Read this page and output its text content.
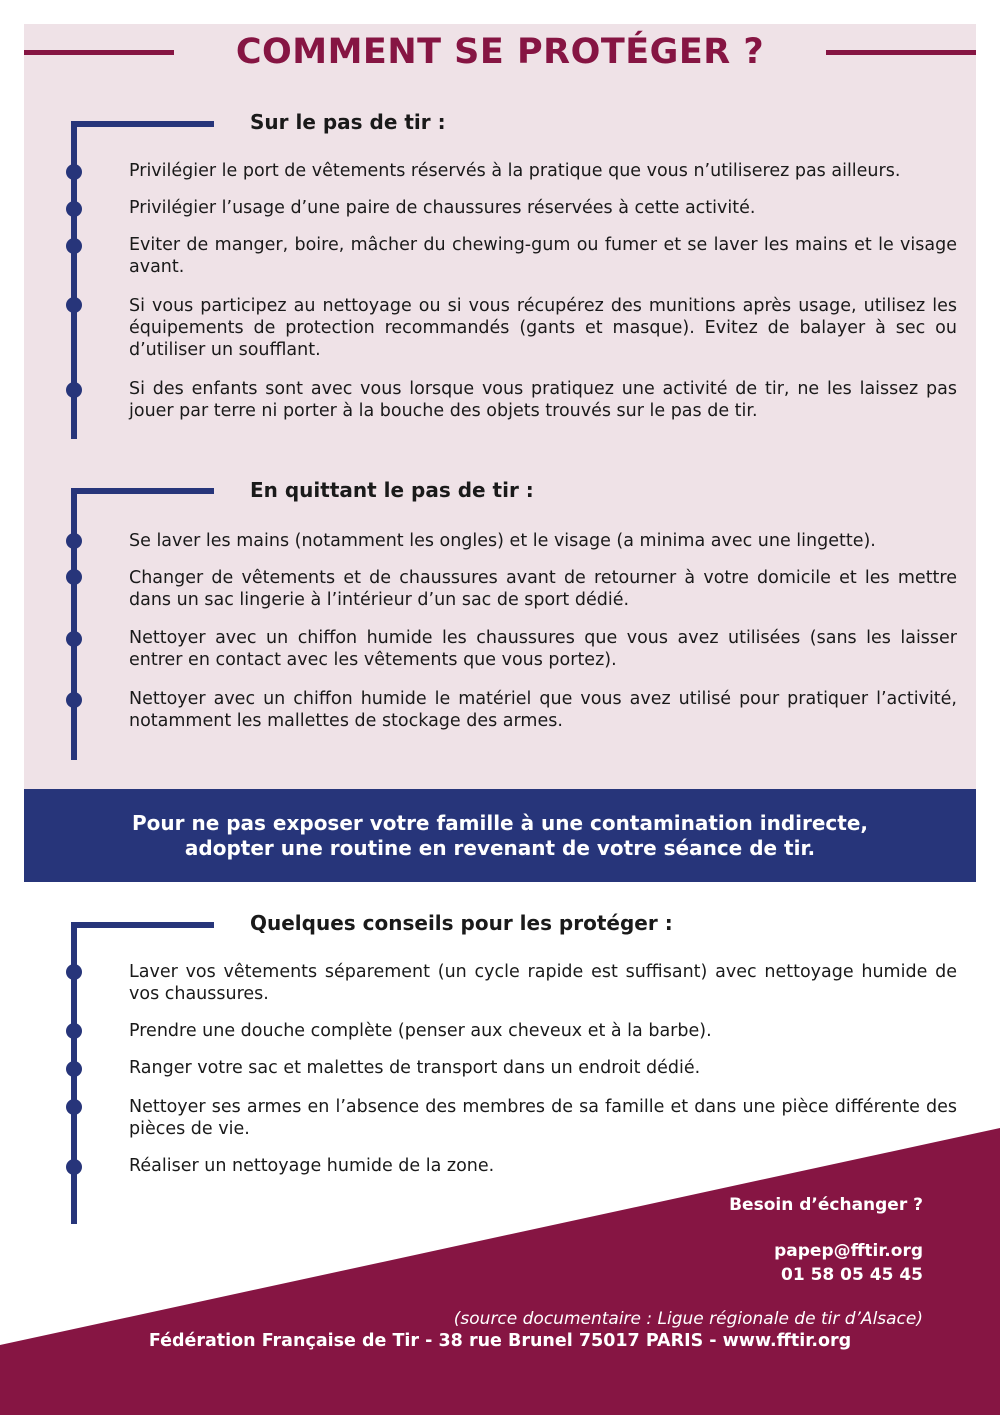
COMMENT SE PROTÉGER ?
Sur le pas de tir :
Privilégier le port de vêtements réservés à la pratique que vous n’utiliserez pas ailleurs.
Privilégier l’usage d’une paire de chaussures réservées à cette activité.
Eviter de manger, boire, mâcher du chewing-gum ou fumer et se laver les mains et le visage avant.
Si vous participez au nettoyage ou si vous récupérez des munitions après usage, utilisez les équipements de protection recommandés (gants et masque). Evitez de balayer à sec ou d’utiliser un soufflant.
Si des enfants sont avec vous lorsque vous pratiquez une activité de tir, ne les laissez pas jouer par terre ni porter à la bouche des objets trouvés sur le pas de tir.
En quittant le pas de tir :
Se laver les mains (notamment les ongles) et le visage (a minima avec une lingette).
Changer de vêtements et de chaussures avant de retourner à votre domicile et les mettre dans un sac lingerie à l’intérieur d’un sac de sport dédié.
Nettoyer avec un chiffon humide les chaussures que vous avez utilisées (sans les laisser entrer en contact avec les vêtements que vous portez).
Nettoyer avec un chiffon humide le matériel que vous avez utilisé pour pratiquer l’activité, notamment les mallettes de stockage des armes.
Pour ne pas exposer votre famille à une contamination indirecte,
adopter une routine en revenant de votre séance de tir.
Quelques conseils pour les protéger :
Laver vos vêtements séparement (un cycle rapide est suffisant) avec nettoyage humide de vos chaussures.
Prendre une douche complète (penser aux cheveux et à la barbe).
Ranger votre sac et malettes de transport dans un endroit dédié.
Nettoyer ses armes en l’absence des membres de sa famille et dans une pièce différente des pièces de vie.
Réaliser un nettoyage humide de la zone.
Besoin d’échanger ?
papep@fftir.org
01 58 05 45 45
(source documentaire : Ligue régionale de tir d’Alsace)
Fédération Française de Tir - 38 rue Brunel 75017 PARIS - www.fftir.org
